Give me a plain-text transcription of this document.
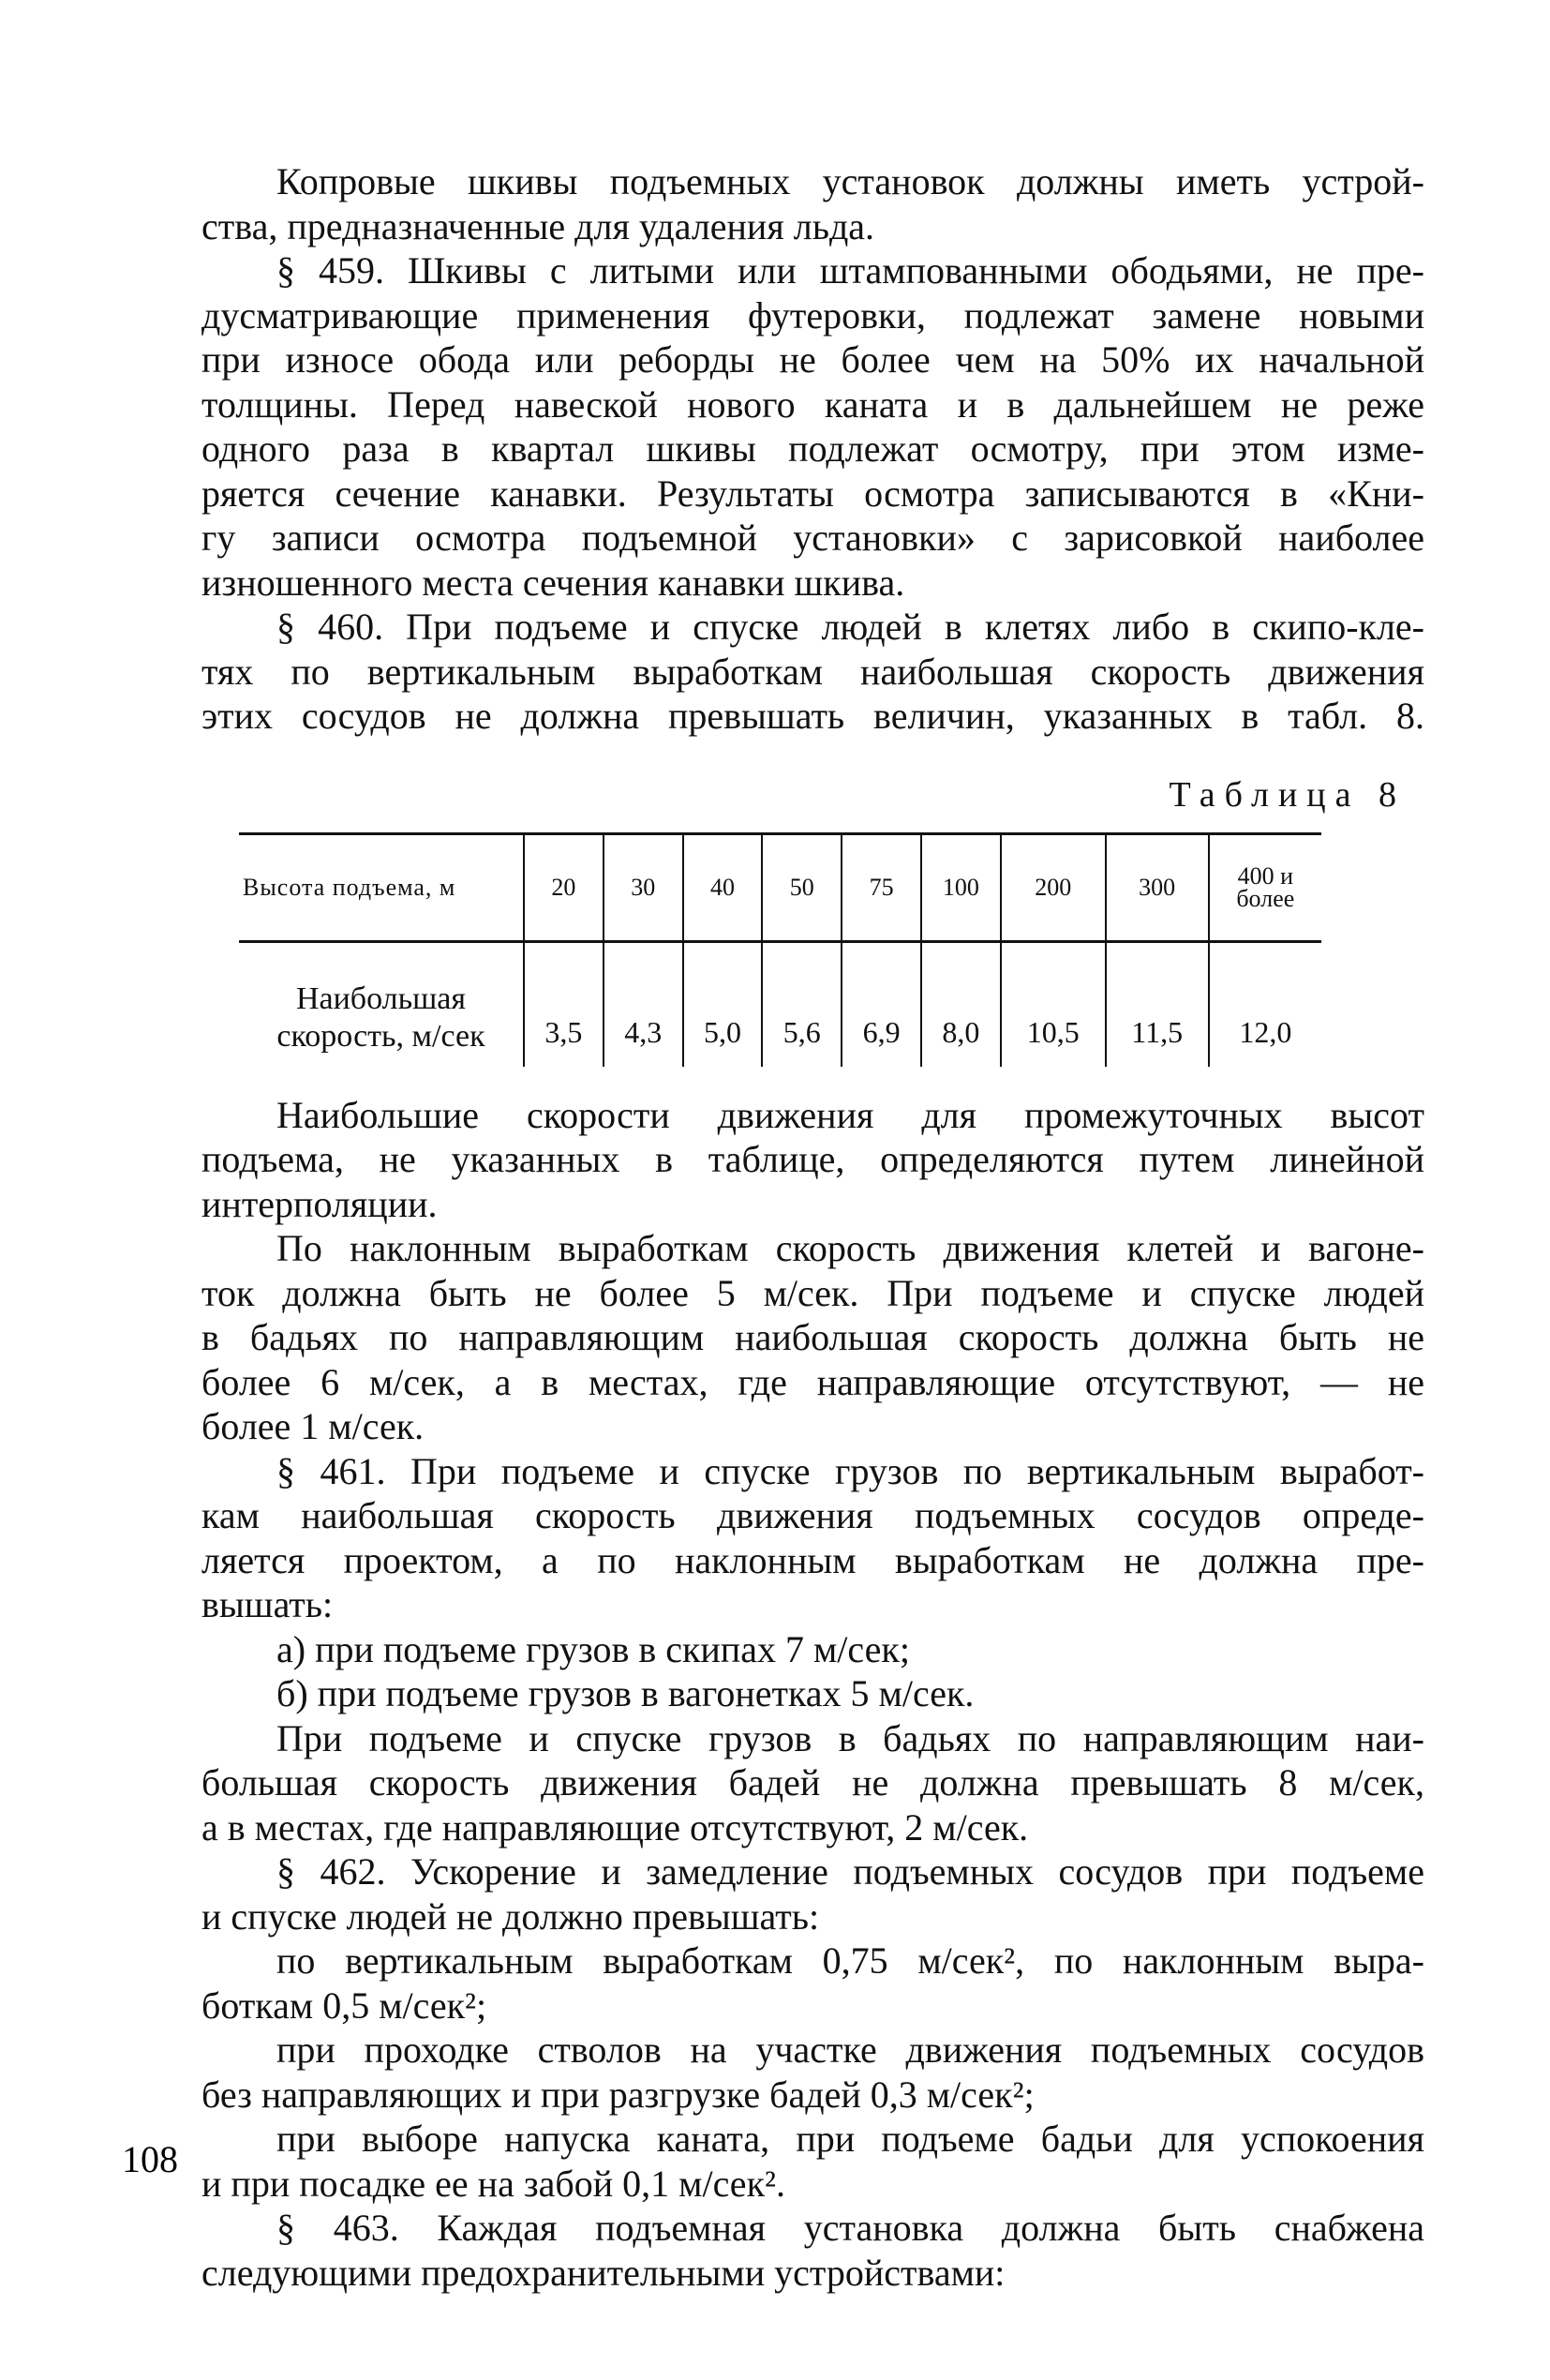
Копровые шкивы подъемных установок должны иметь устрой-
ства, предназначенные для удаления льда.
§ 459. Шкивы с литыми или штампованными ободьями, не пре-
дусматривающие применения футеровки, подлежат замене новыми
при износе обода или реборды не более чем на 50% их начальной
толщины. Перед навеской нового каната и в дальнейшем не реже
одного раза в квартал шкивы подлежат осмотру, при этом изме-
ряется сечение канавки. Результаты осмотра записываются в «Кни-
гу записи осмотра подъемной установки» с зарисовкой наиболее
изношенного места сечения канавки шкива.
§ 460. При подъеме и спуске людей в клетях либо в скипо-кле-
тях по вертикальным выработкам наибольшая скорость движения
этих сосудов не должна превышать величин, указанных в табл. 8.
Таблица 8
Высота подъема, м	20	30	40	50	75	100	200	300	400 и
более

Наибольшая
скорость, м/сек	3,5	4,3	5,0	5,6	6,9	8,0	10,5	11,5	12,0
Наибольшие скорости движения для промежуточных высот
подъема, не указанных в таблице, определяются путем линейной
интерполяции.
По наклонным выработкам скорость движения клетей и вагоне-
ток должна быть не более 5 м/сек. При подъеме и спуске людей
в бадьях по направляющим наибольшая скорость должна быть не
более 6 м/сек, а в местах, где направляющие отсутствуют, — не
более 1 м/сек.
§ 461. При подъеме и спуске грузов по вертикальным выработ-
кам наибольшая скорость движения подъемных сосудов опреде-
ляется проектом, а по наклонным выработкам не должна пре-
вышать:
а) при подъеме грузов в скипах 7 м/сек;
б) при подъеме грузов в вагонетках 5 м/сек.
При подъеме и спуске грузов в бадьях по направляющим наи-
большая скорость движения бадей не должна превышать 8 м/сек,
а в местах, где направляющие отсутствуют, 2 м/сек.
§ 462. Ускорение и замедление подъемных сосудов при подъеме
и спуске людей не должно превышать:
по вертикальным выработкам 0,75 м/сек², по наклонным выра-
боткам 0,5 м/сек²;
при проходке стволов на участке движения подъемных сосудов
без направляющих и при разгрузке бадей 0,3 м/сек²;
при выборе напуска каната, при подъеме бадьи для успокоения
и при посадке ее на забой 0,1 м/сек².
§ 463. Каждая подъемная установка должна быть снабжена
следующими предохранительными устройствами:
108
